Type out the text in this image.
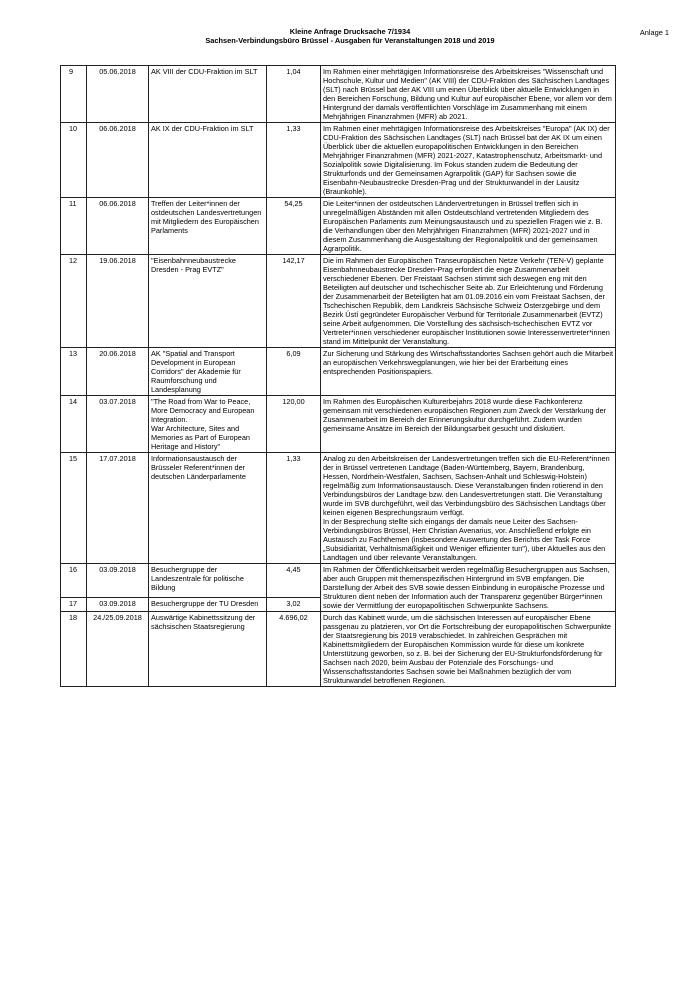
Kleine Anfrage Drucksache 7/1934
Sachsen-Verbindungsbüro Brüssel - Ausgaben für Veranstaltungen 2018 und 2019
Anlage 1
9	05.06.2018	AK VIII der CDU-Fraktion im SLT	1,04	Im Rahmen einer mehrtägigen Informationsreise des Arbeitskreises "Wissenschaft und Hochschule, Kultur und Medien" (AK VIII) der CDU-Fraktion des Sächsischen Landtages (SLT) nach Brüssel bat der AK VIII um einen Überblick über aktuelle Entwicklungen in den Bereichen Forschung, Bildung und Kultur auf europäischer Ebene, vor allem vor dem Hintergrund der damals veröffentlichten Vorschläge im Zusammenhang mit einem Mehrjährigen Finanzrahmen (MFR) ab 2021.

10	06.06.2018	AK IX der CDU-Fraktion im SLT	1,33	Im Rahmen einer mehrtägigen Informationsreise des Arbeitskreises "Europa" (AK IX) der CDU-Fraktion des Sächsischen Landtages (SLT) nach Brüssel bat der AK IX um einen Überblick über die aktuellen europapolitischen Entwicklungen in den Bereichen Mehrjähriger Finanzrahmen (MFR) 2021-2027, Katastrophenschutz, Arbeitsmarkt- und Sozialpolitik sowie Digitalisierung. Im Fokus standen zudem die Bedeutung der Strukturfonds und der Gemeinsamen Agrarpolitik (GAP) für Sachsen sowie die Eisenbahn-Neubaustrecke Dresden-Prag und der Strukturwandel in der Lausitz (Braunkohle).

11	06.06.2018	Treffen der Leiter*innen der ostdeutschen Landesvertretungen mit Mitgliedern des Europäischen Parlaments	54,25	Die Leiter*innen der ostdeutschen Ländervertretungen in Brüssel treffen sich in unregelmäßigen Abständen mit allen Ostdeutschland vertretenden Mitgliedern des Europäischen Parlaments zum Meinungsaustausch und zu speziellen Fragen wie z. B. die Verhandlungen über den Mehrjährigen Finanzrahmen (MFR) 2021-2027 und in diesem Zusammenhang die Ausgestaltung der Regionalpolitik und der gemeinsamen Agrarpolitik.

12	19.06.2018	"Eisenbahnneubaustrecke Dresden - Prag EVTZ"	142,17	Die im Rahmen der Europäischen Transeuropäischen Netze Verkehr (TEN-V) geplante Eisenbahnneubaustrecke Dresden-Prag erfordert die enge Zusammenarbeit verschiedener Ebenen. Der Freistaat Sachsen stimmt sich deswegen eng mit den Beteiligten auf deutscher und tschechischer Seite ab. Zur Erleichterung und Förderung der Zusammenarbeit der Beteiligten hat am 01.09.2016 ein vom Freistaat Sachsen, der Tschechischen Republik, dem Landkreis Sächsische Schweiz Osterzgebirge und dem Bezirk Ústí gegründeter Europäischer Verbund für Territoriale Zusammenarbeit (EVTZ) seine Arbeit aufgenommen. Die Vorstellung des sächsisch-tschechischen EVTZ vor Vertreter*innen verschiedener europäischer Institutionen sowie Interessenvertreter*innen stand im Mittelpunkt der Veranstaltung.

13	20.06.2018	AK "Spatial and Transport Development in European Corridors" der Akademie für Raumforschung und Landesplanung	6,09	Zur Sicherung und Stärkung des Wirtschaftsstandortes Sachsen gehört auch die Mitarbeit an europäischen Verkehrswegplanungen, wie hier bei der Erarbeitung eines entsprechenden Positionspapiers.

14	03.07.2018	"The Road from War to Peace, More Democracy and European Integration.
War Architecture, Sites and Memories as Part of European Heritage and History"	120,00	Im Rahmen des Europäischen Kulturerbejahrs 2018 wurde diese Fachkonferenz gemeinsam mit verschiedenen europäischen Regionen zum Zweck der Verstärkung der Zusammenarbeit im Bereich der Erinnerungskultur durchgeführt. Zudem wurden gemeinsame Ansätze im Bereich der Bildungsarbeit gesucht und diskutiert.

15	17.07.2018	Informationsaustausch der Brüsseler Referent*innen der deutschen Länderparlamente	1,33	Analog zu den Arbeitskreisen der Landesvertretungen treffen sich die EU-Referent*innen der in Brüssel vertretenen Landtage (Baden-Württemberg, Bayern, Brandenburg, Hessen, Nordrhein-Westfalen, Sachsen, Sachsen-Anhalt und Schleswig-Holstein) regelmäßig zum Informationsaustausch. Diese Veranstaltungen finden rotierend in den Verbindungsbüros der Landtage bzw. den Landesvertretungen statt. Die Veranstaltung wurde im SVB durchgeführt, weil das Verbindungsbüro des Sächsischen Landtags über keinen eigenen Besprechungsraum verfügt.
In der Besprechung stellte sich eingangs der damals neue Leiter des Sachsen-Verbindungsbüros Brüssel, Herr Christian Avenarius, vor. Anschließend erfolgte ein Austausch zu Fachthemen (insbesondere Auswertung des Berichts der Task Force „Subsidiarität, Verhältnismäßigkeit und Weniger effizienter tun"), über Aktuelles aus den Landtagen und über relevante Veranstaltungen.

16	03.09.2018	Besuchergruppe der Landeszentrale für politische Bildung	4,45	Im Rahmen der Öffentlichkeitsarbeit werden regelmäßig Besuchergruppen aus Sachsen, aber auch Gruppen mit themenspezifischen Hintergrund im SVB empfangen. Die Darstellung der Arbeit des SVB sowie dessen Einbindung in europäische Prozesse und Strukturen dient neben der Information auch der Transparenz gegenüber Bürger*innen sowie der Vermittlung der europapolitischen Schwerpunkte Sachsens.

17	03.09.2018	Besuchergruppe der TU Dresden	3,02	
18	24./25.09.2018	Auswärtige Kabinettssitzung der sächsischen Staatsregierung	4.696,02	Durch das Kabinett wurde, um die sächsischen Interessen auf europäischer Ebene passgenau zu platzieren, vor Ort die Fortschreibung der europapolitischen Schwerpunkte der Staatsregierung bis 2019 verabschiedet. In zahlreichen Gesprächen mit Kabinettsmitgliedern der Europäischen Kommission wurde für diese um konkrete Unterstützung geworben, so z. B. bei der Sicherung der EU-Strukturfondsförderung für Sachsen nach 2020, beim Ausbau der Potenziale des Forschungs- und Wissenschaftsstandortes Sachsen sowie bei Maßnahmen bezüglich der vom Strukturwandel betroffenen Regionen.
